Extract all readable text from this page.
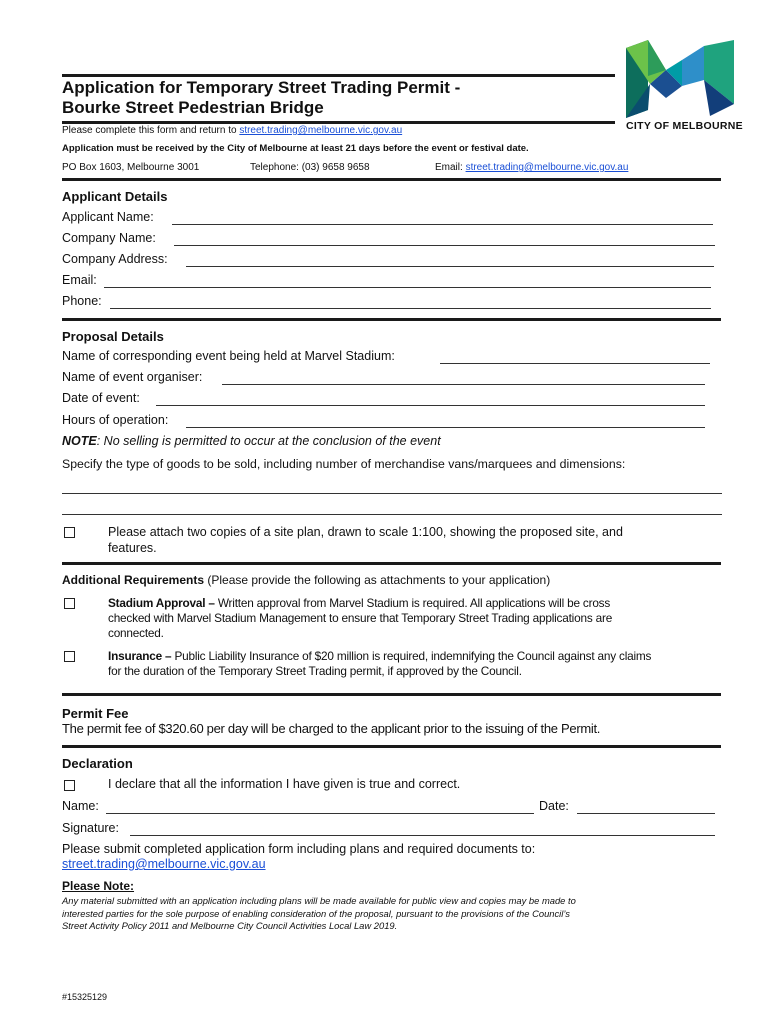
CITY OF MELBOURNE
Application for Temporary Street Trading Permit -
Bourke Street Pedestrian Bridge
Please complete this form and return to street.trading@melbourne.vic.gov.au
Application must be received by the City of Melbourne at least 21 days before the event or festival date.
PO Box 1603, Melbourne 3001	Telephone: (03) 9658 9658	Email: street.trading@melbourne.vic.gov.au
Applicant Details
Applicant Name:
Company Name:
Company Address:
Email:
Phone:
Proposal Details
Name of corresponding event being held at Marvel Stadium:
Name of event organiser:
Date of event:
Hours of operation:
NOTE: No selling is permitted to occur at the conclusion of the event
Specify the type of goods to be sold, including number of merchandise vans/marquees and dimensions:
Please attach two copies of a site plan, drawn to scale 1:100, showing the proposed site, and
features.
Additional Requirements (Please provide the following as attachments to your application)
Stadium Approval – Written approval from Marvel Stadium is required. All applications will be cross
checked with Marvel Stadium Management to ensure that Temporary Street Trading applications are
connected.
Insurance – Public Liability Insurance of $20 million is required, indemnifying the Council against any claims
for the duration of the Temporary Street Trading permit, if approved by the Council.
Permit Fee
The permit fee of $320.60 per day will be charged to the applicant prior to the issuing of the Permit.
Declaration
I declare that all the information I have given is true and correct.
Name:	Date:
Signature:
Please submit completed application form including plans and required documents to:
street.trading@melbourne.vic.gov.au
Please Note:
Any material submitted with an application including plans will be made available for public view and copies may be made to
interested parties for the sole purpose of enabling consideration of the proposal, pursuant to the provisions of the Council’s
Street Activity Policy 2011 and Melbourne City Council Activities Local Law 2019.
#15325129
